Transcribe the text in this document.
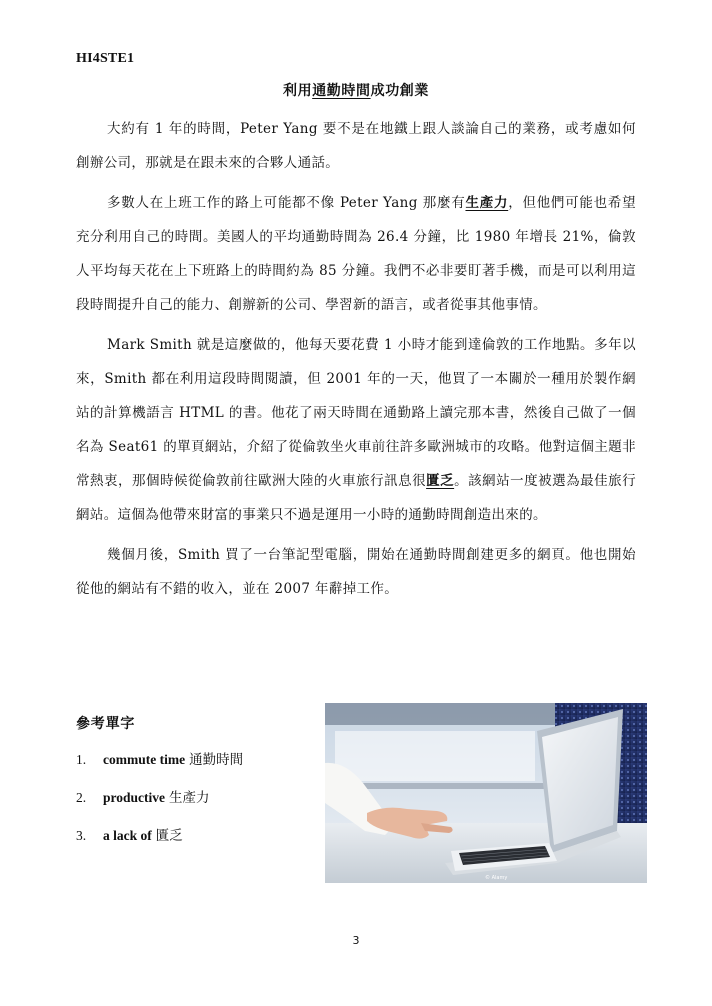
HI4STE1
利用通勤時間成功創業

大約有 1 年的時間，Peter Yang 要不是在地鐵上跟人談論自己的業務，或考慮如何創辦公司，那就是在跟未來的合夥人通話。

多數人在上班工作的路上可能都不像 Peter Yang 那麼有生產力，但他們可能也希望充分利用自己的時間。美國人的平均通勤時間為 26.4 分鐘，比 1980 年增長 21%，倫敦人平均每天花在上下班路上的時間約為 85 分鐘。我們不必非要盯著手機，而是可以利用這段時間提升自己的能力、創辦新的公司、學習新的語言，或者從事其他事情。

Mark Smith 就是這麼做的，他每天要花費 1 小時才能到達倫敦的工作地點。多年以來，Smith 都在利用這段時間閱讀，但 2001 年的一天，他買了一本關於一種用於製作網站的計算機語言 HTML 的書。他花了兩天時間在通勤路上讀完那本書，然後自己做了一個名為 Seat61 的單頁網站，介紹了從倫敦坐火車前往許多歐洲城市的攻略。他對這個主題非常熱衷，那個時候從倫敦前往歐洲大陸的火車旅行訊息很匱乏。該網站一度被選為最佳旅行網站。這個為他帶來財富的事業只不過是運用一小時的通勤時間創造出來的。

幾個月後，Smith 買了一台筆記型電腦，開始在通勤時間創建更多的網頁。他也開始從他的網站有不錯的收入，並在 2007 年辭掉工作。

參考單字
1. commute time 通勤時間
2. productive 生產力
3. a lack of 匱乏
© Alamy
3
